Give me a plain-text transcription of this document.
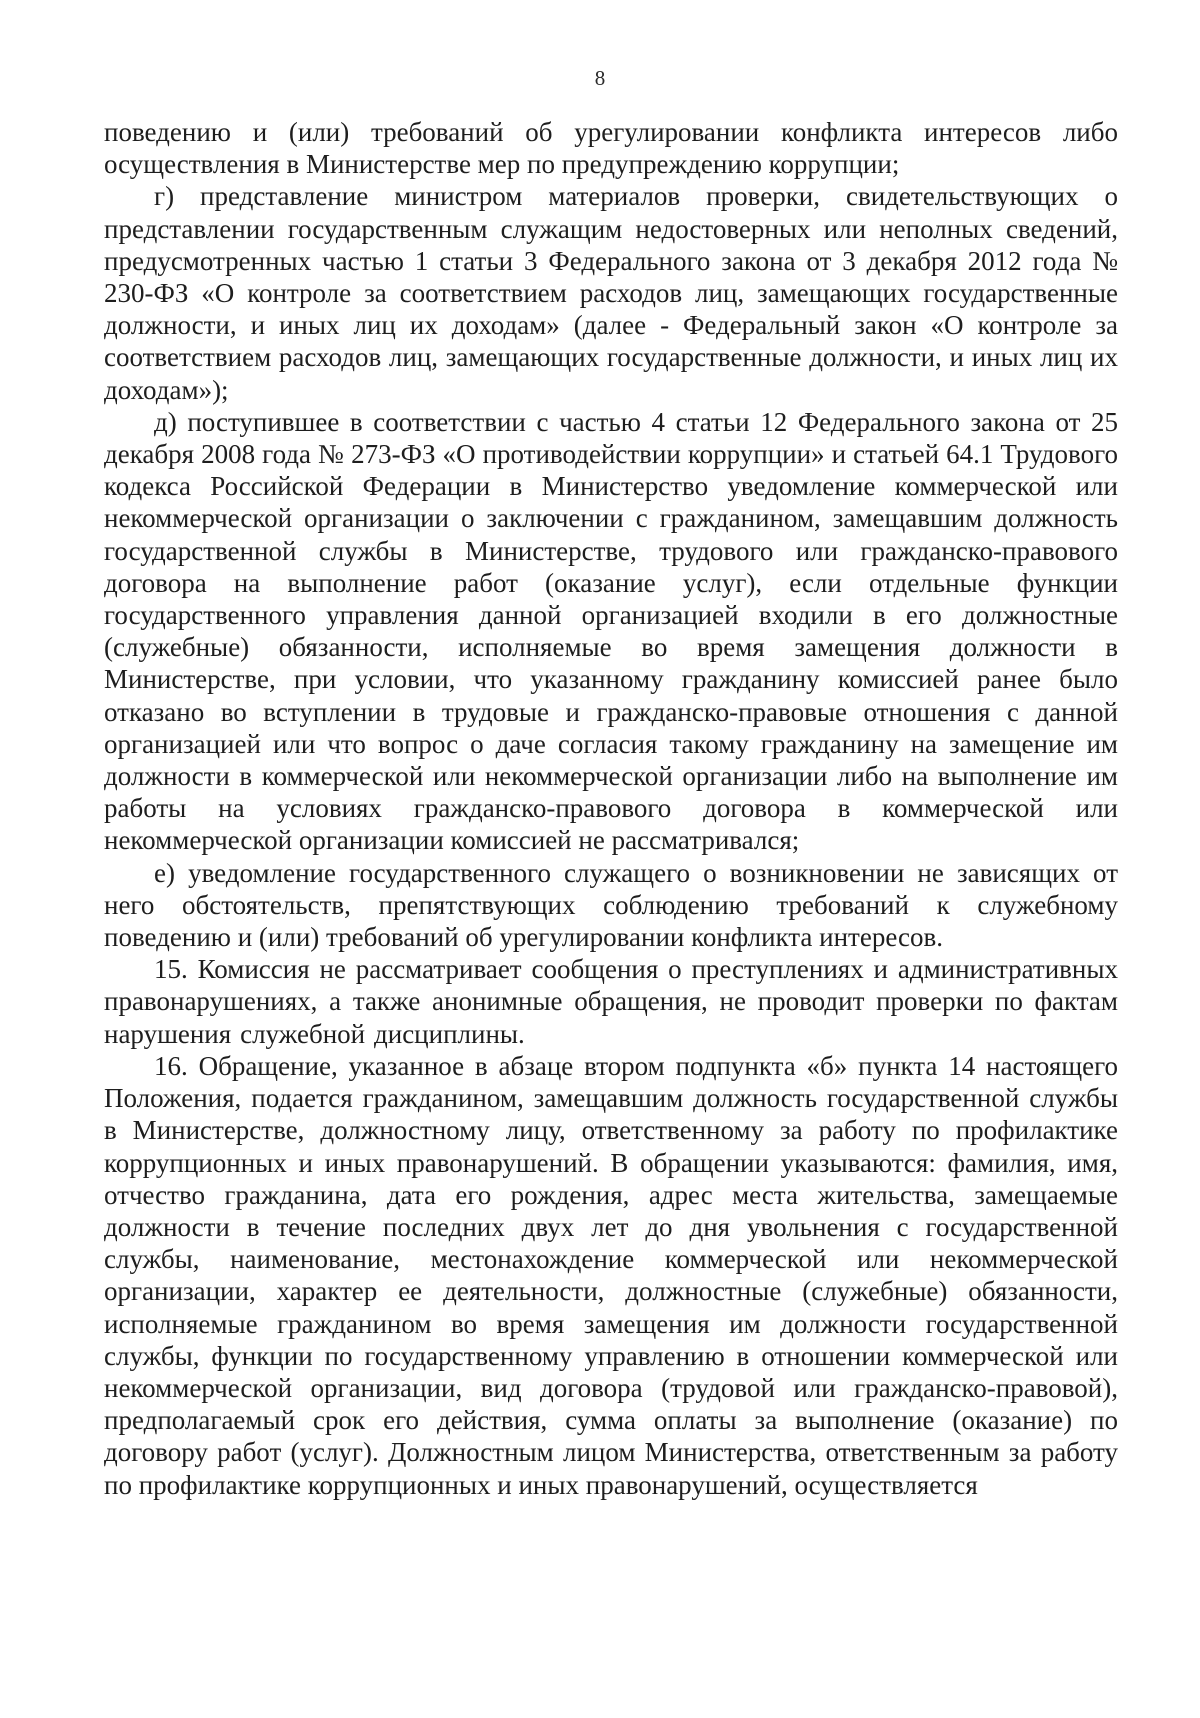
8

поведению и (или) требований об урегулировании конфликта интересов либо осуществления в Министерстве мер по предупреждению коррупции;

г) представление министром материалов проверки, свидетельствующих о представлении государственным служащим недостоверных или неполных сведений, предусмотренных частью 1 статьи 3 Федерального закона от 3 декабря 2012 года № 230-ФЗ «О контроле за соответствием расходов лиц, замещающих государственные должности, и иных лиц их доходам» (далее - Федеральный закон «О контроле за соответствием расходов лиц, замещающих государственные должности, и иных лиц их доходам»);

д) поступившее в соответствии с частью 4 статьи 12 Федерального закона от 25 декабря 2008 года № 273-ФЗ «О противодействии коррупции» и статьей 64.1 Трудового кодекса Российской Федерации в Министерство уведомление коммерческой или некоммерческой организации о заключении с гражданином, замещавшим должность государственной службы в Министерстве, трудового или гражданско-правового договора на выполнение работ (оказание услуг), если отдельные функции государственного управления данной организацией входили в его должностные (служебные) обязанности, исполняемые во время замещения должности в Министерстве, при условии, что указанному гражданину комиссией ранее было отказано во вступлении в трудовые и гражданско-правовые отношения с данной организацией или что вопрос о даче согласия такому гражданину на замещение им должности в коммерческой или некоммерческой организации либо на выполнение им работы на условиях гражданско-правового договора в коммерческой или некоммерческой организации комиссией не рассматривался;

е) уведомление государственного служащего о возникновении не зависящих от него обстоятельств, препятствующих соблюдению требований к служебному поведению и (или) требований об урегулировании конфликта интересов.

15. Комиссия не рассматривает сообщения о преступлениях и административных правонарушениях, а также анонимные обращения, не проводит проверки по фактам нарушения служебной дисциплины.

16. Обращение, указанное в абзаце втором подпункта «б» пункта 14 настоящего Положения, подается гражданином, замещавшим должность государственной службы в Министерстве, должностному лицу, ответственному за работу по профилактике коррупционных и иных правонарушений. В обращении указываются: фамилия, имя, отчество гражданина, дата его рождения, адрес места жительства, замещаемые должности в течение последних двух лет до дня увольнения с государственной службы, наименование, местонахождение коммерческой или некоммерческой организации, характер ее деятельности, должностные (служебные) обязанности, исполняемые гражданином во время замещения им должности государственной службы, функции по государственному управлению в отношении коммерческой или некоммерческой организации, вид договора (трудовой или гражданско-правовой), предполагаемый срок его действия, сумма оплаты за выполнение (оказание) по договору работ (услуг). Должностным лицом Министерства, ответственным за работу по профилактике коррупционных и иных правонарушений, осуществляется
